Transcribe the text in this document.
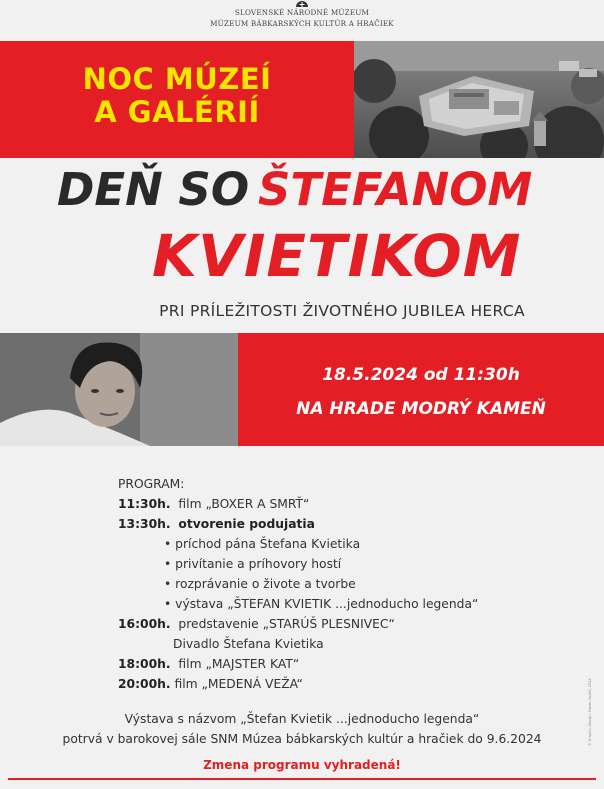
SLOVENSKÉ NÁRODNÉ MÚZEUM
MÚZEUM BÁBKARSKÝCH KULTÚR A HRAČIEK
NOC MÚZEÍ
A GALÉRIÍ
DEŇ SO ŠTEFANOM
KVIETIKOM
PRI PRÍLEŽITOSTI ŽIVOTNÉHO JUBILEA HERCA
18.5.2024 od 11:30h
NA HRADE MODRÝ KAMEŇ
PROGRAM:
11:30h. film „BOXER A SMRŤ“
13:30h. otvorenie podujatia
• príchod pána Štefana Kvietika
• privítanie a príhovory hostí
• rozprávanie o živote a tvorbe
• výstava „ŠTEFAN KVIETIK ...jednoducho legenda“
16:00h. predstavenie „STARÚŠ PLESNIVEC“
Divadlo Štefana Kvietika
18:00h. film „MAJSTER KAT“
20:00h. film „MEDENÁ VEŽA“
Výstava s názvom „Štefan Kvietik ...jednoducho legenda“
potrvá v barokovej sále SNM Múzea bábkarských kultúr a hračiek do 9.6.2024
Zmena programu vyhradená!
© Graphic Design: Marek Hodáč, 2024
